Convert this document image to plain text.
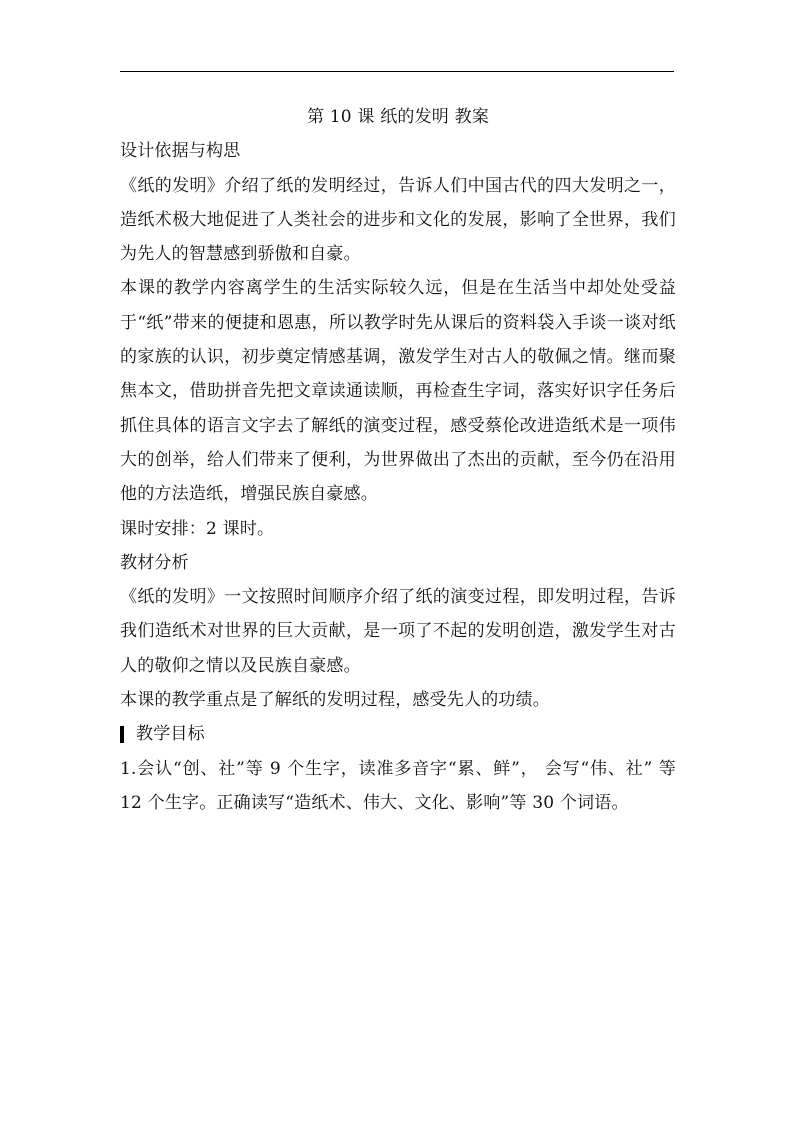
第 10 课 纸的发明 教案
设计依据与构思

《纸的发明》介绍了纸的发明经过，告诉人们中国古代的四大发明之一，造纸术极大地促进了人类社会的进步和文化的发展，影响了全世界，我们为先人的智慧感到骄傲和自豪。

本课的教学内容离学生的生活实际较久远，但是在生活当中却处处受益于“纸”带来的便捷和恩惠，所以教学时先从课后的资料袋入手谈一谈对纸的家族的认识，初步奠定情感基调，激发学生对古人的敬佩之情。继而聚焦本文，借助拼音先把文章读通读顺，再检查生字词，落实好识字任务后抓住具体的语言文字去了解纸的演变过程，感受蔡伦改进造纸术是一项伟大的创举，给人们带来了便利，为世界做出了杰出的贡献，至今仍在沿用他的方法造纸，增强民族自豪感。

课时安排：2 课时。

教材分析

《纸的发明》一文按照时间顺序介绍了纸的演变过程，即发明过程，告诉我们造纸术对世界的巨大贡献，是一项了不起的发明创造，激发学生对古人的敬仰之情以及民族自豪感。

本课的教学重点是了解纸的发明过程，感受先人的功绩。

教学目标

1.会认“创、社”等 9 个生字，读准多音字“累、鲜”， 会写“伟、社” 等 12 个生字。正确读写“造纸术、伟大、文化、影响”等 30 个词语。
